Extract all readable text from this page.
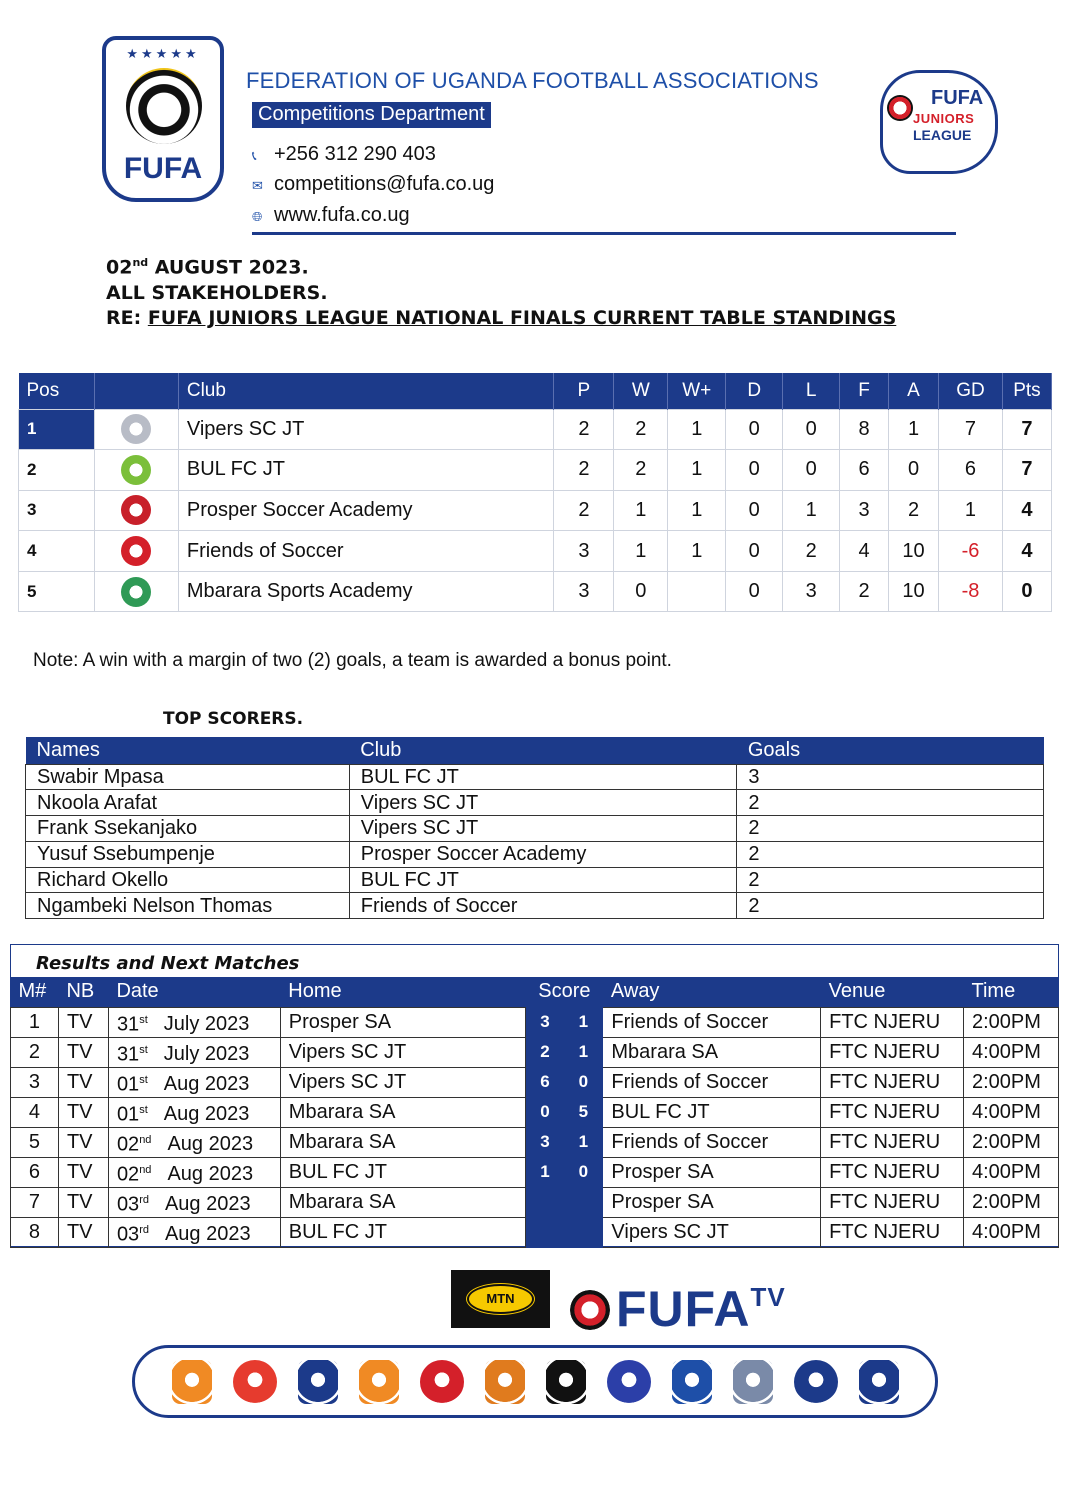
★★★★★
FUFA
FEDERATION OF UGANDA FOOTBALL ASSOCIATIONS
Competitions Department
📞︎ +256 312 290 403
✉︎ competitions@fufa.co.ug
🌐︎ www.fufa.co.ug
FUFA
JUNIORS
LEAGUE
02nd AUGUST 2023.
ALL STAKEHOLDERS.
RE: FUFA JUNIORS LEAGUE NATIONAL FINALS CURRENT TABLE STANDINGS
Pos		Club	P	W	W+	D	L	F	A	GD	Pts
1		Vipers SC JT	2	2	1	0	0	8	1	7	7
2		BUL FC JT	2	2	1	0	0	6	0	6	7
3		Prosper Soccer Academy	2	1	1	0	1	3	2	1	4
4		Friends of Soccer	3	1	1	0	2	4	10	-6	4
5		Mbarara Sports Academy	3	0		0	3	2	10	-8	0
Note: A win with a margin of two (2) goals, a team is awarded a bonus point.
TOP SCORERS.
Names	Club	Goals
Swabir Mpasa	BUL FC JT	3
Nkoola Arafat	Vipers SC JT	2
Frank Ssekanjako	Vipers SC JT	2
Yusuf Ssebumpenje	Prosper Soccer Academy	2
Richard Okello	BUL FC JT	2
Ngambeki Nelson Thomas	Friends of Soccer	2
Results and Next Matches
M#	NB	Date	Home	Score		Away	Venue	Time
1	TV	31st July 2023	Prosper SA	3	1	Friends of Soccer	FTC NJERU	2:00PM
2	TV	31st July 2023	Vipers SC JT	2	1	Mbarara SA	FTC NJERU	4:00PM
3	TV	01st Aug 2023	Vipers SC JT	6	0	Friends of Soccer	FTC NJERU	2:00PM
4	TV	01st Aug 2023	Mbarara SA	0	5	BUL FC JT	FTC NJERU	4:00PM
5	TV	02nd Aug 2023	Mbarara SA	3	1	Friends of Soccer	FTC NJERU	2:00PM
6	TV	02nd Aug 2023	BUL FC JT	1	0	Prosper SA	FTC NJERU	4:00PM
7	TV	03rd Aug 2023	Mbarara SA			Prosper SA	FTC NJERU	2:00PM
8	TV	03rd Aug 2023	BUL FC JT			Vipers SC JT	FTC NJERU	4:00PM
MTN	$FUFA^{TV}$
